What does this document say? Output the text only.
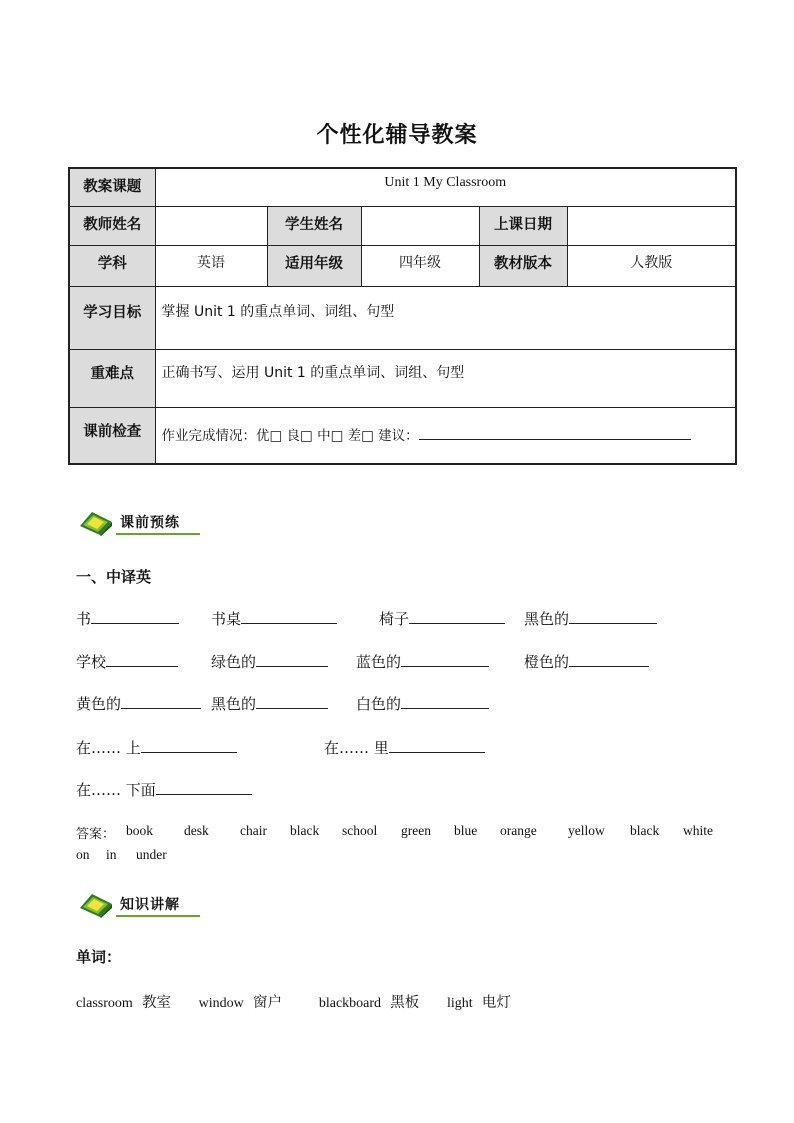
个性化辅导教案
教案课题	Unit 1 My Classroom				
教师姓名		学生姓名		上课日期	
学科	英语	适用年级	四年级	教材版本	人教版
学习目标	掌握 Unit 1 的重点单词、词组、句型				
重难点	正确书写、运用 Unit 1 的重点单词、词组、句型				
课前检查	作业完成情况：优□ 良□ 中□ 差□ 建议：				
课前预练
一、中译英
书	书桌	椅子	黑色的
学校	绿色的	蓝色的	橙色的
黄色的	黑色的	白色的
在…… 上	在…… 里
在…… 下面
答案： book desk chair black school green blue orange yellow black white
on in under
知识讲解
单词：
classroom 教室 window 窗户	blackboard 黑板 light 电灯
